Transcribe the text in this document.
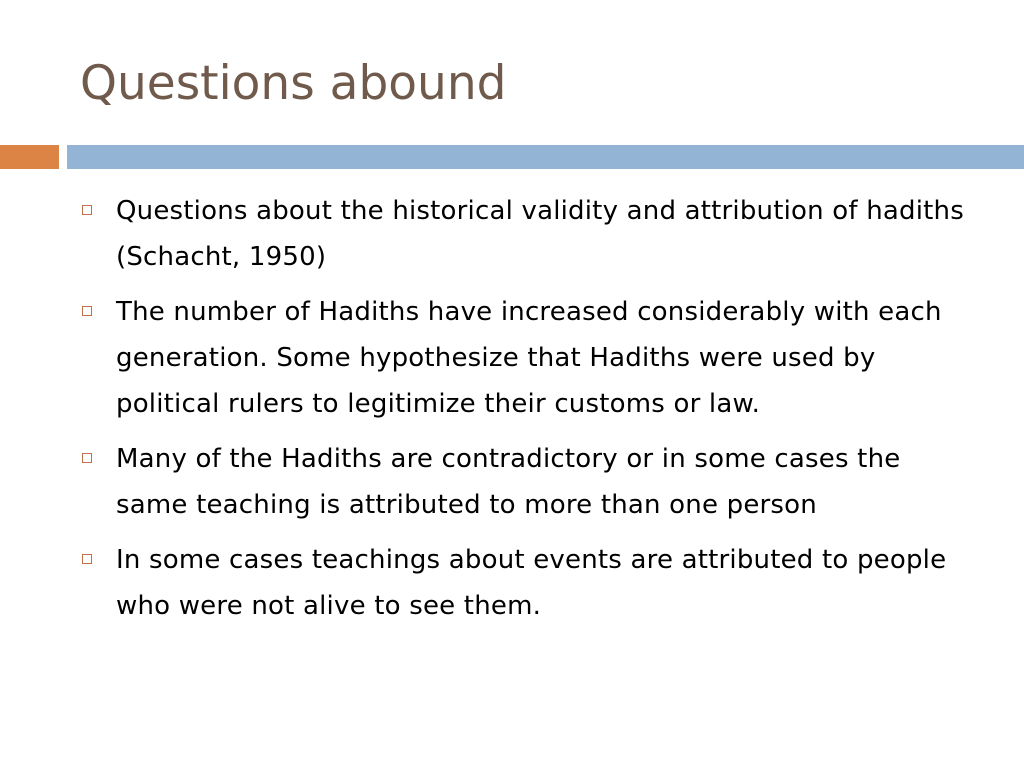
Questions abound
Questions about the historical validity and attribution of hadiths (Schacht, 1950)
The number of Hadiths have increased considerably with each generation. Some hypothesize that Hadiths were used by political rulers to legitimize their customs or law.
Many of the Hadiths are contradictory or in some cases the same teaching is attributed to more than one person
In some cases teachings about events are attributed to people who were not alive to see them.
